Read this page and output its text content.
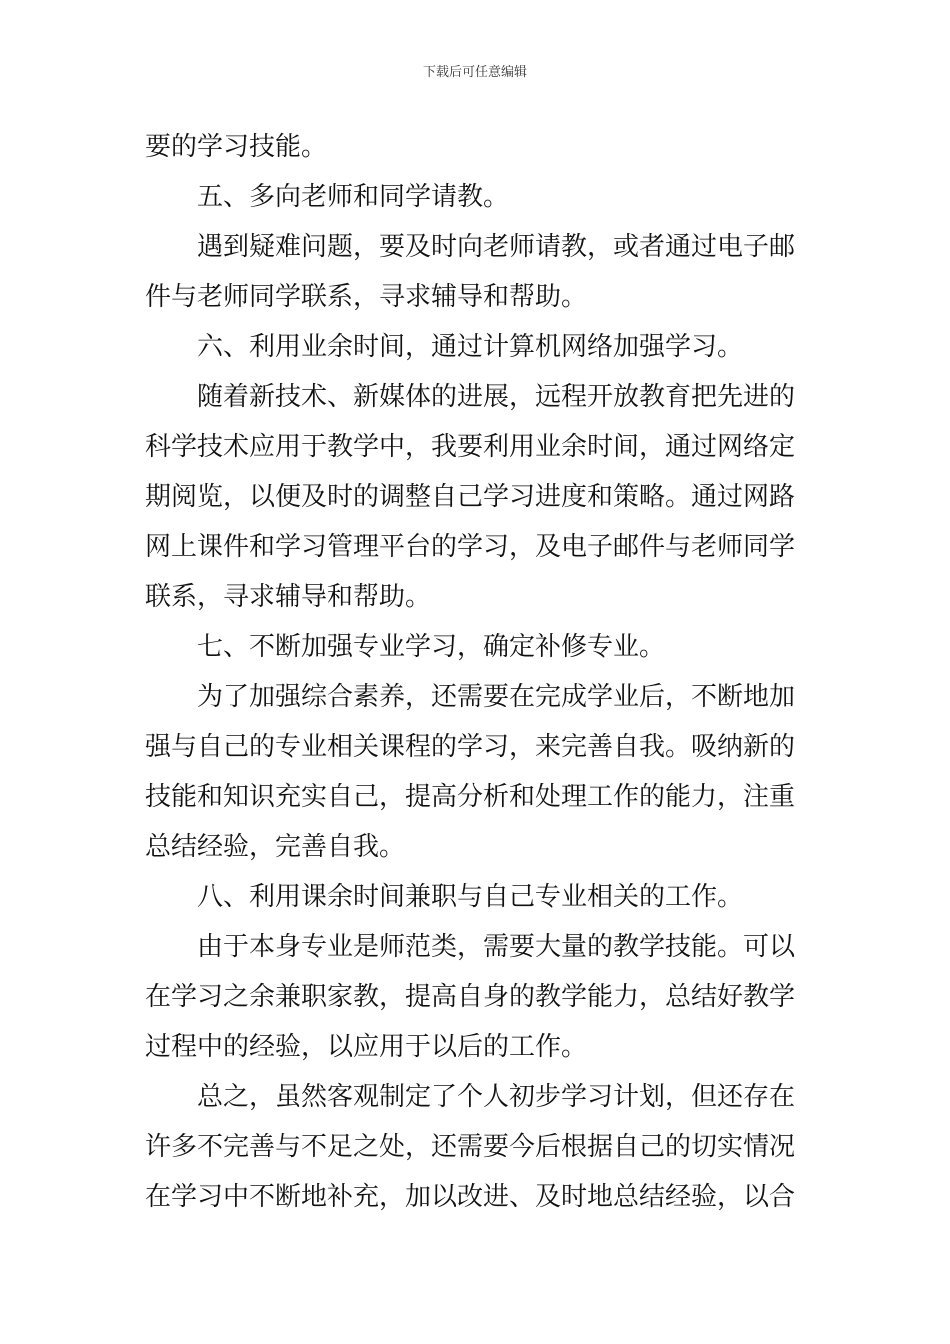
下载后可任意编辑
要的学习技能。
五、多向老师和同学请教。
遇到疑难问题，要及时向老师请教，或者通过电子邮
件与老师同学联系，寻求辅导和帮助。
六、利用业余时间，通过计算机网络加强学习。
随着新技术、新媒体的进展，远程开放教育把先进的
科学技术应用于教学中，我要利用业余时间，通过网络定
期阅览，以便及时的调整自己学习进度和策略。通过网路
网上课件和学习管理平台的学习，及电子邮件与老师同学
联系，寻求辅导和帮助。
七、不断加强专业学习，确定补修专业。
为了加强综合素养，还需要在完成学业后，不断地加
强与自己的专业相关课程的学习，来完善自我。吸纳新的
技能和知识充实自己，提高分析和处理工作的能力，注重
总结经验，完善自我。
八、利用课余时间兼职与自己专业相关的工作。
由于本身专业是师范类，需要大量的教学技能。可以
在学习之余兼职家教，提高自身的教学能力，总结好教学
过程中的经验，以应用于以后的工作。
总之，虽然客观制定了个人初步学习计划，但还存在
许多不完善与不足之处，还需要今后根据自己的切实情况
在学习中不断地补充，加以改进、及时地总结经验，以合
